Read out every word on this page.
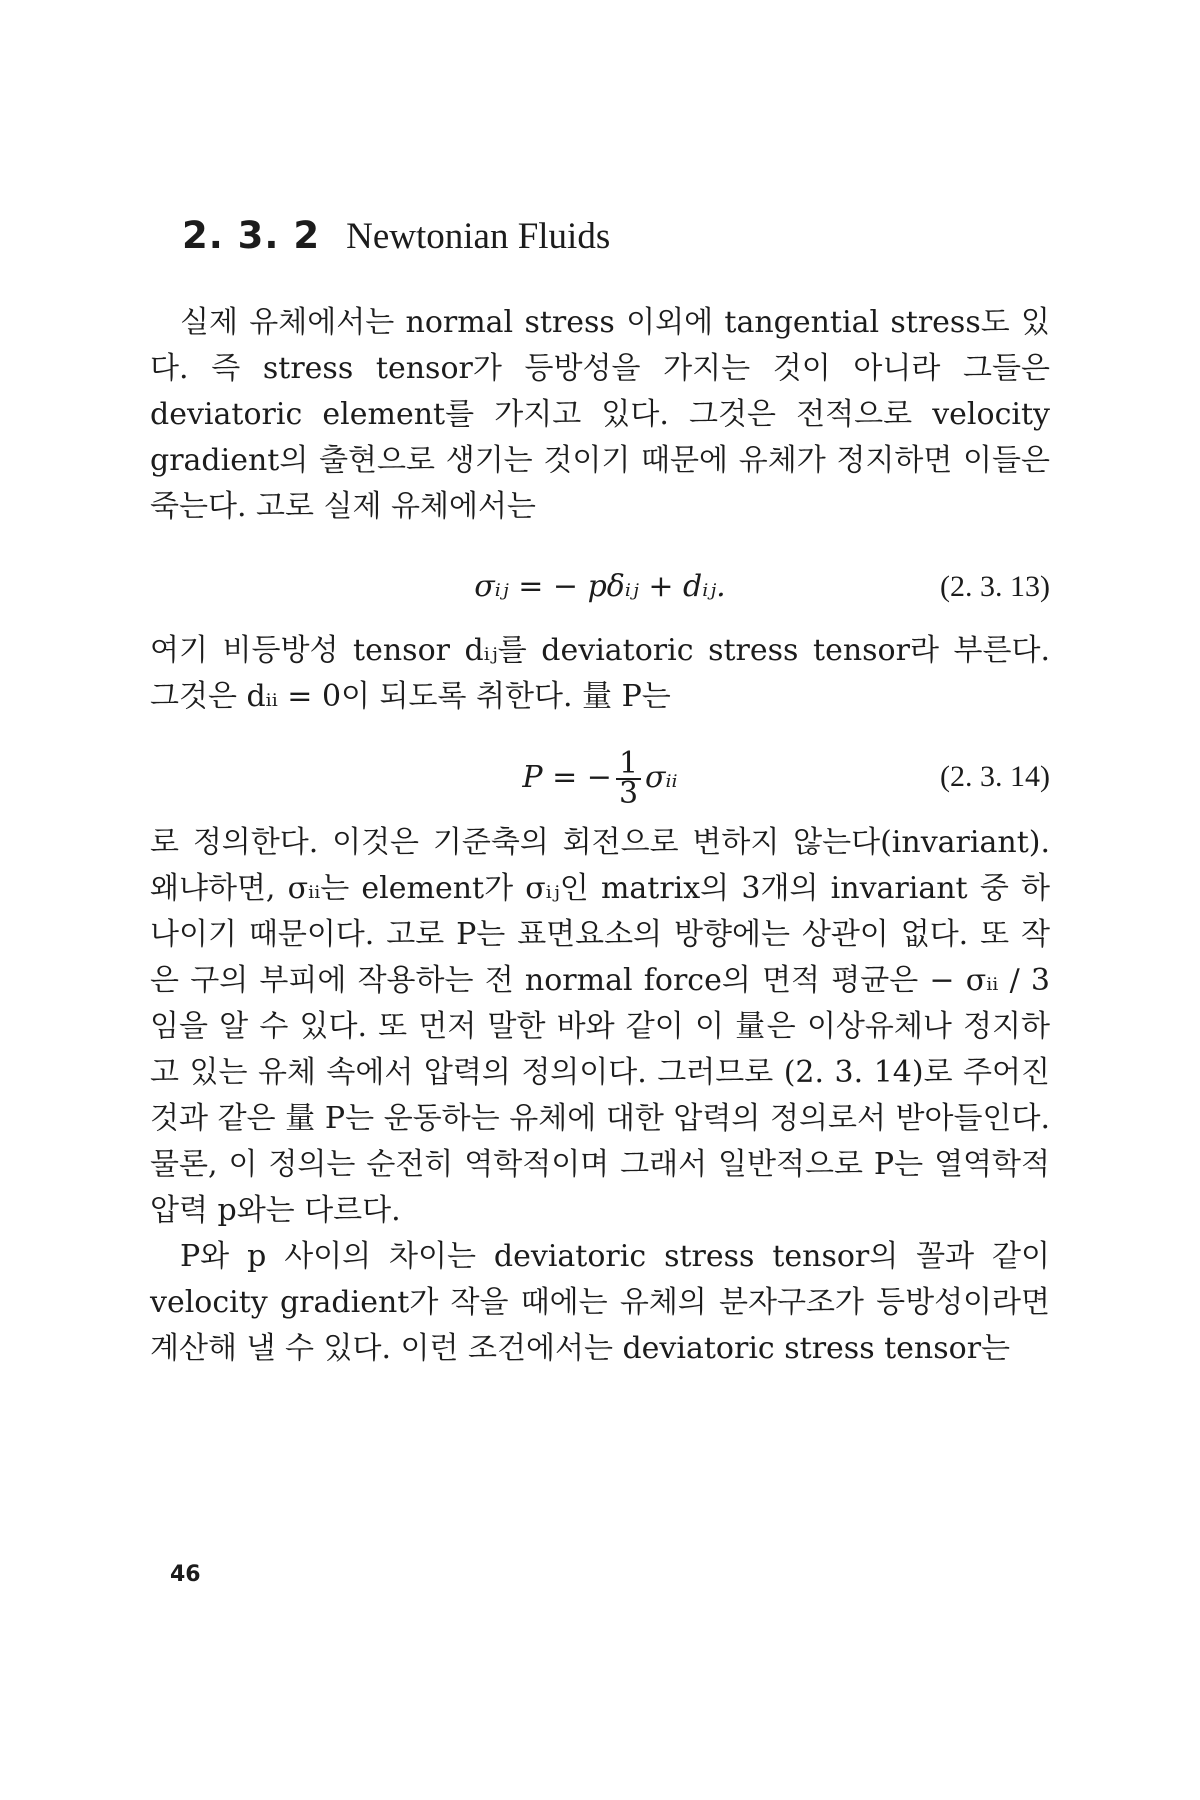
2. 3. 2 Newtonian Fluids

실제 유체에서는 normal stress 이외에 tangential stress도 있다. 즉 stress tensor가 등방성을 가지는 것이 아니라 그들은 deviatoric element를 가지고 있다. 그것은 전적으로 velocity gradient의 출현으로 생기는 것이기 때문에 유체가 정지하면 이들은 죽는다. 고로 실제 유체에서는

σᵢⱼ = − pδᵢⱼ + dᵢⱼ.	(2. 3. 13)

여기 비등방성 tensor dᵢⱼ를 deviatoric stress tensor라 부른다. 그것은 dᵢᵢ = 0이 되도록 취한다. 量 P는

P = − $\frac{1}{3}$ σᵢᵢ	(2. 3. 14)

로 정의한다. 이것은 기준축의 회전으로 변하지 않는다(invariant). 왜냐하면, σᵢᵢ는 element가 σᵢⱼ인 matrix의 3개의 invariant 중 하나이기 때문이다. 고로 P는 표면요소의 방향에는 상관이 없다. 또 작은 구의 부피에 작용하는 전 normal force의 면적 평균은 − σᵢᵢ / 3임을 알 수 있다. 또 먼저 말한 바와 같이 이 量은 이상유체나 정지하고 있는 유체 속에서 압력의 정의이다. 그러므로 (2. 3. 14)로 주어진 것과 같은 量 P는 운동하는 유체에 대한 압력의 정의로서 받아들인다. 물론, 이 정의는 순전히 역학적이며 그래서 일반적으로 P는 열역학적 압력 p와는 다르다.

P와 p 사이의 차이는 deviatoric stress tensor의 꼴과 같이 velocity gradient가 작을 때에는 유체의 분자구조가 등방성이라면 계산해 낼 수 있다. 이런 조건에서는 deviatoric stress tensor는

46
